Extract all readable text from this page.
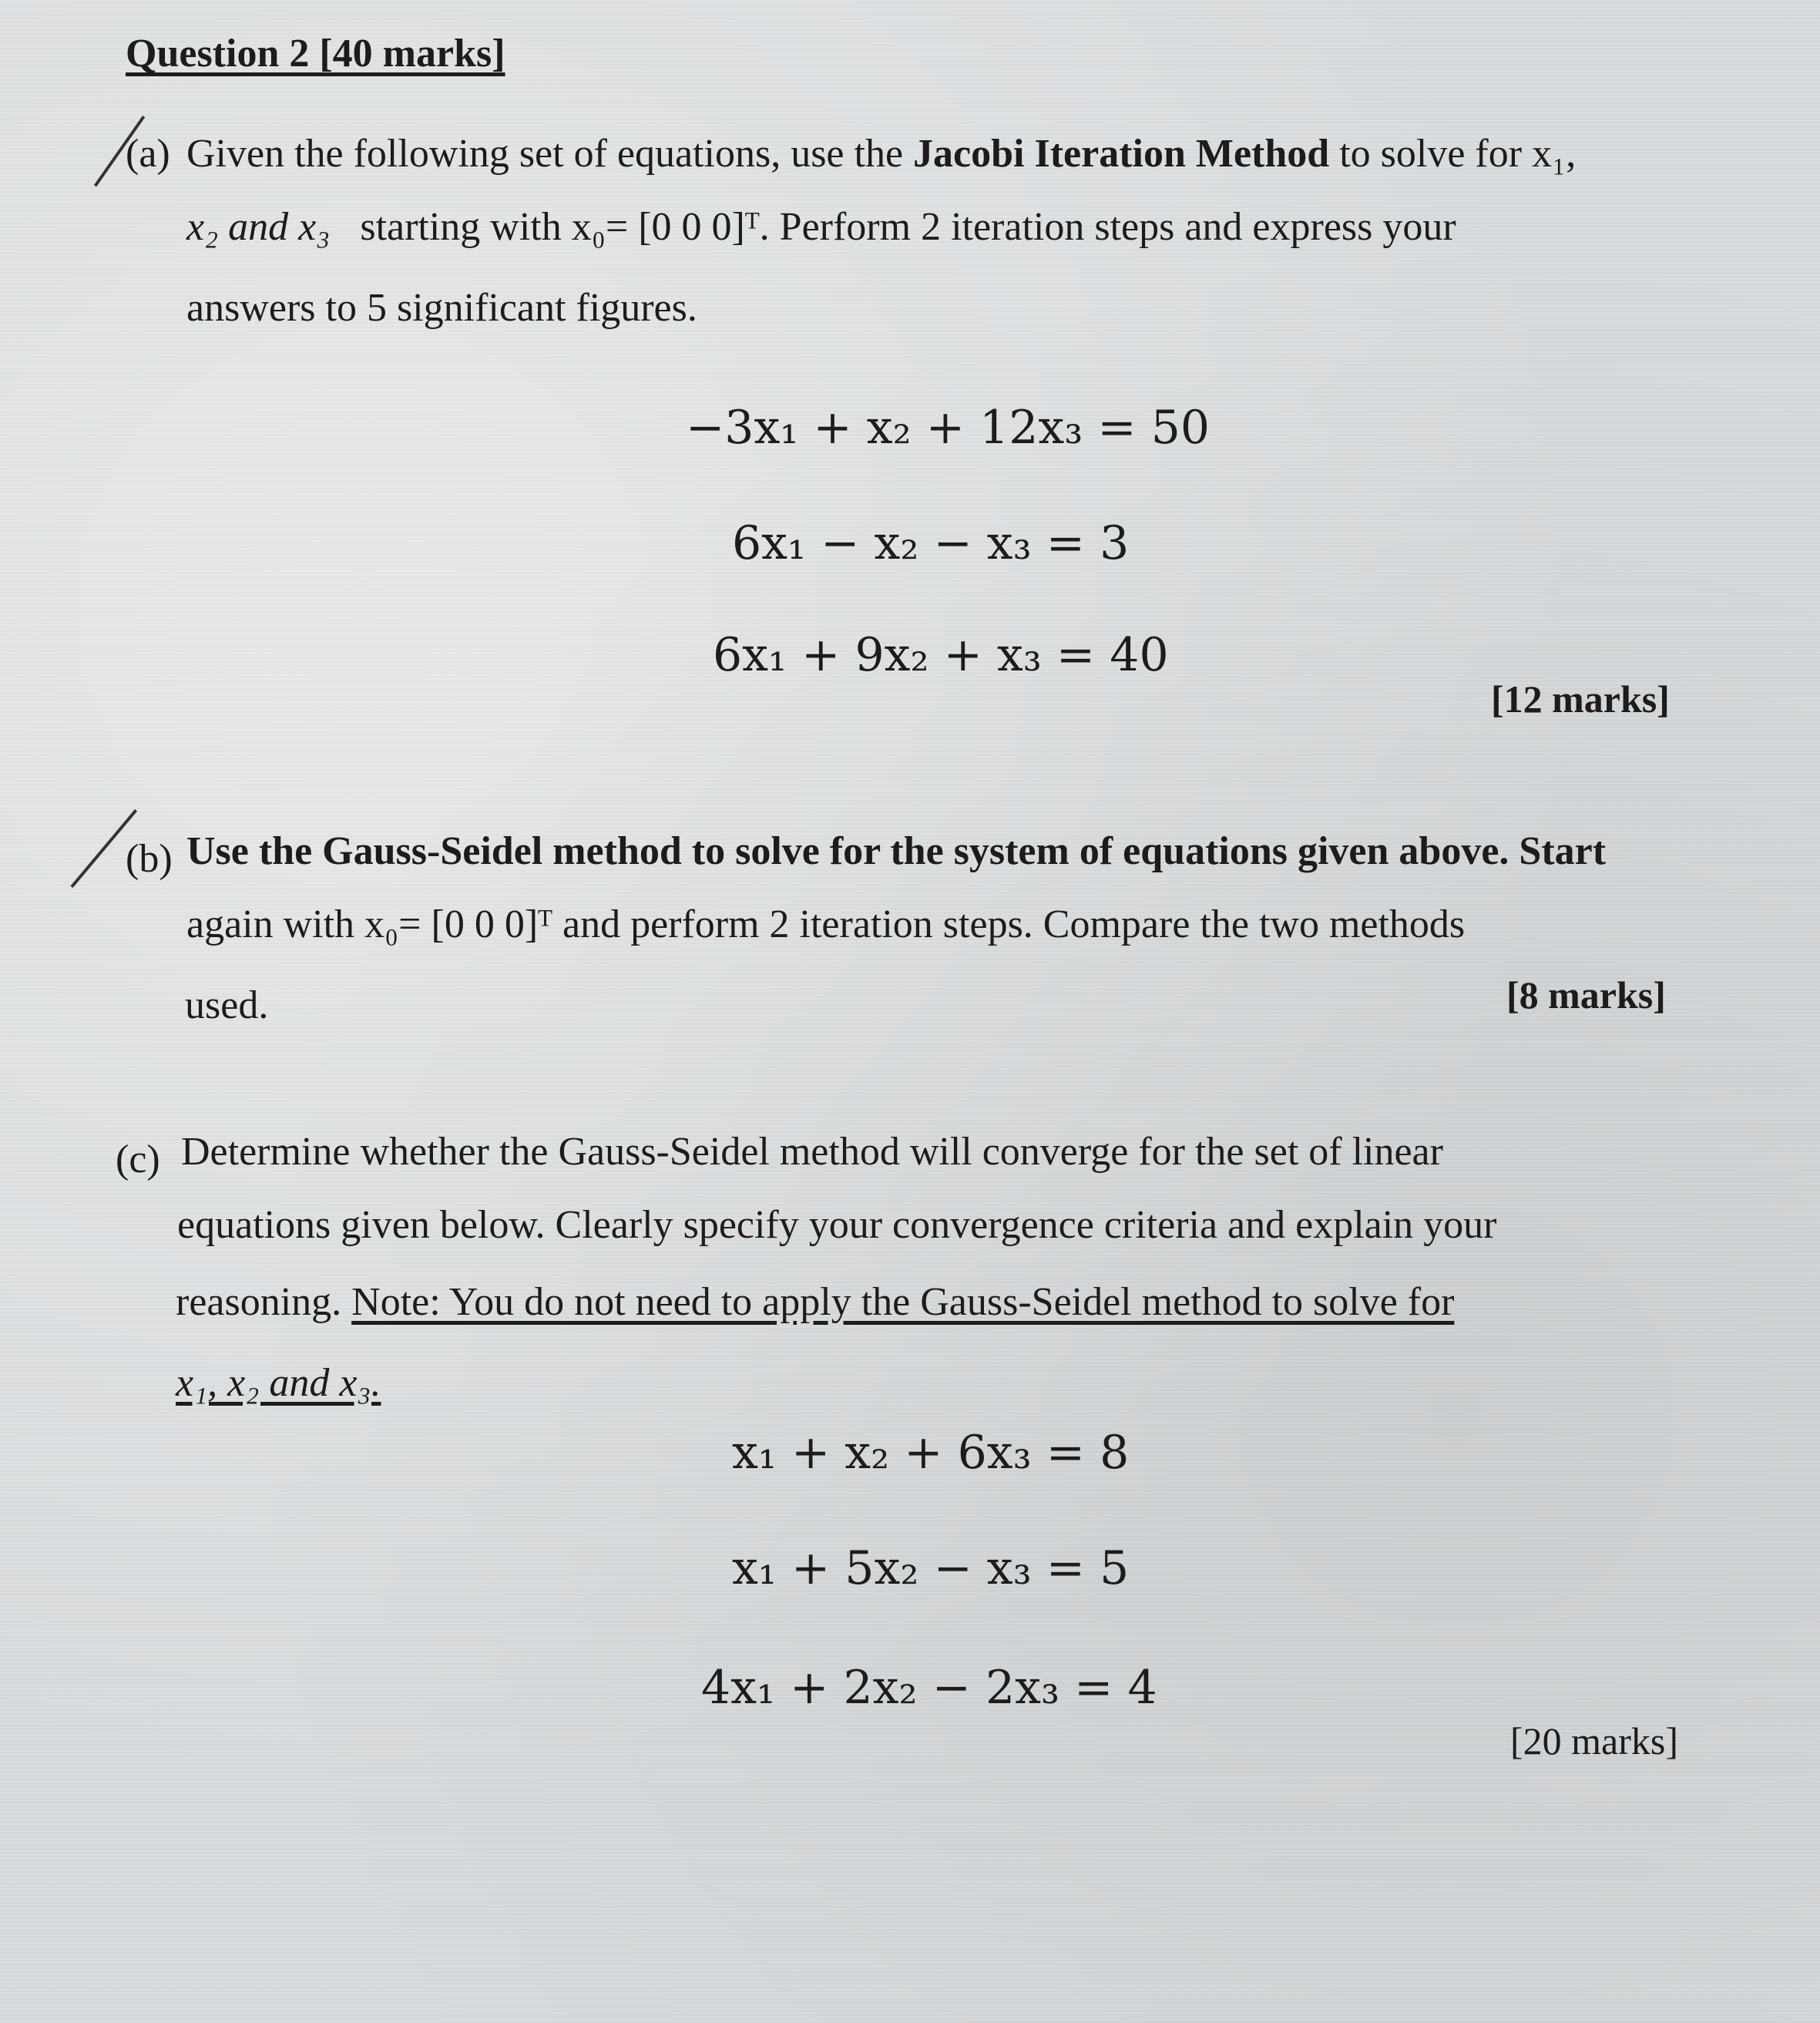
Question 2 [40 marks]
(a) Given the following set of equations, use the Jacobi Iteration Method to solve for x₁,
x₂ and x₃ starting with x₀= [0 0 0]ᵀ. Perform 2 iteration steps and express your
answers to 5 significant figures.
−3x₁ + x₂ + 12x₃ = 50
6x₁ − x₂ − x₃ = 3
6x₁ + 9x₂ + x₃ = 40
[12 marks]
(b) Use the Gauss-Seidel method to solve for the system of equations given above. Start
again with x₀= [0 0 0]ᵀ and perform 2 iteration steps. Compare the two methods
used.	[8 marks]
(c) Determine whether the Gauss-Seidel method will converge for the set of linear
equations given below. Clearly specify your convergence criteria and explain your
reasoning. Note: You do not need to apply the Gauss-Seidel method to solve for
x₁, x₂ and x₃.
x₁ + x₂ + 6x₃ = 8
x₁ + 5x₂ − x₃ = 5
4x₁ + 2x₂ − 2x₃ = 4
[20 marks]
